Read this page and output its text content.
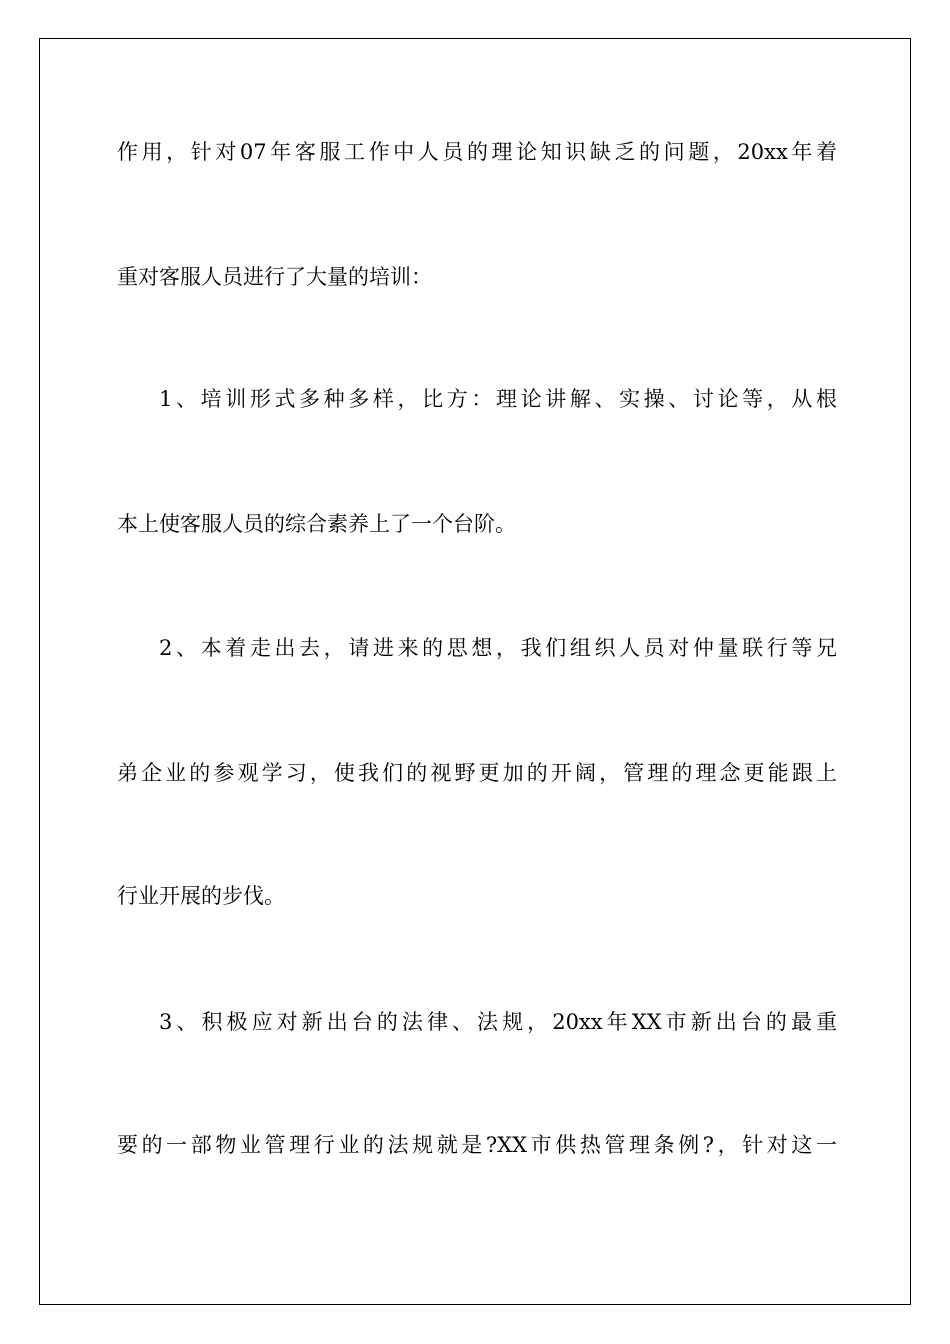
作用，针对07年客服工作中人员的理论知识缺乏的问题，20xx年着

重对客服人员进行了大量的培训：

1、培训形式多种多样，比方：理论讲解、实操、讨论等，从根

本上使客服人员的综合素养上了一个台阶。

2、本着走出去，请进来的思想，我们组织人员对仲量联行等兄

弟企业的参观学习，使我们的视野更加的开阔，管理的理念更能跟上

行业开展的步伐。

3、积极应对新出台的法律、法规，20xx年XX市新出台的最重

要的一部物业管理行业的法规就是?XX市供热管理条例?，针对这一
